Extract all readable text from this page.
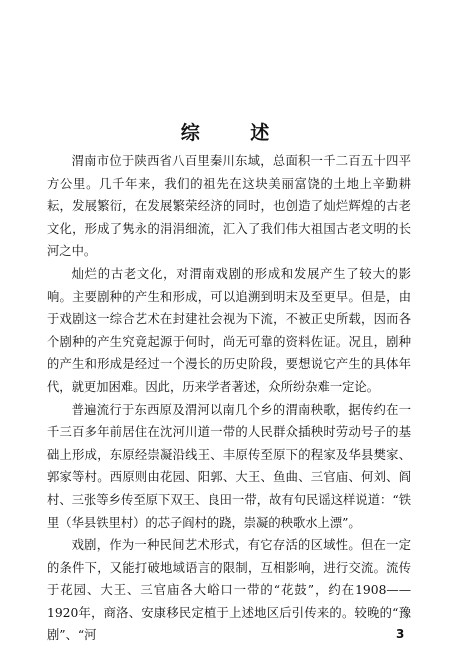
综 述

渭南市位于陕西省八百里秦川东域，总面积一千二百五十四平方公里。几千年来，我们的祖先在这块美丽富饶的土地上辛勤耕耘，发展繁衍，在发展繁荣经济的同时，也创造了灿烂辉煌的古老文化，形成了隽永的涓涓细流，汇入了我们伟大祖国古老文明的长河之中。

灿烂的古老文化，对渭南戏剧的形成和发展产生了较大的影响。主要剧种的产生和形成，可以追溯到明末及至更早。但是，由于戏剧这一综合艺术在封建社会视为下流，不被正史所载，因而各个剧种的产生究竟起源于何时，尚无可靠的资料佐证。况且，剧种的产生和形成是经过一个漫长的历史阶段，要想说它产生的具体年代，就更加困难。因此，历来学者著述，众所纷杂难一定论。

普遍流行于东西原及渭河以南几个乡的渭南秧歌，据传约在一千三百多年前居住在沈河川道一带的人民群众插秧时劳动号子的基础上形成，东原经崇凝沿线王、丰原传至原下的程家及华县樊家、郭家等村。西原则由花园、阳郭、大王、鱼曲、三官庙、何刘、阎村、三张等乡传至原下双王、良田一带，故有句民谣这样说道：“铁里（华县铁里村）的芯子阎村的跷，崇凝的秧歌水上漂”。

戏剧，作为一种民间艺术形式，有它存活的区域性。但在一定的条件下，又能打破地域语言的限制，互相影响，进行交流。流传于花园、大王、三官庙各大峪口一带的“花鼓”，约在1908——1920年，商洛、安康移民定植于上述地区后引传来的。较晚的“豫剧”、“河	3
